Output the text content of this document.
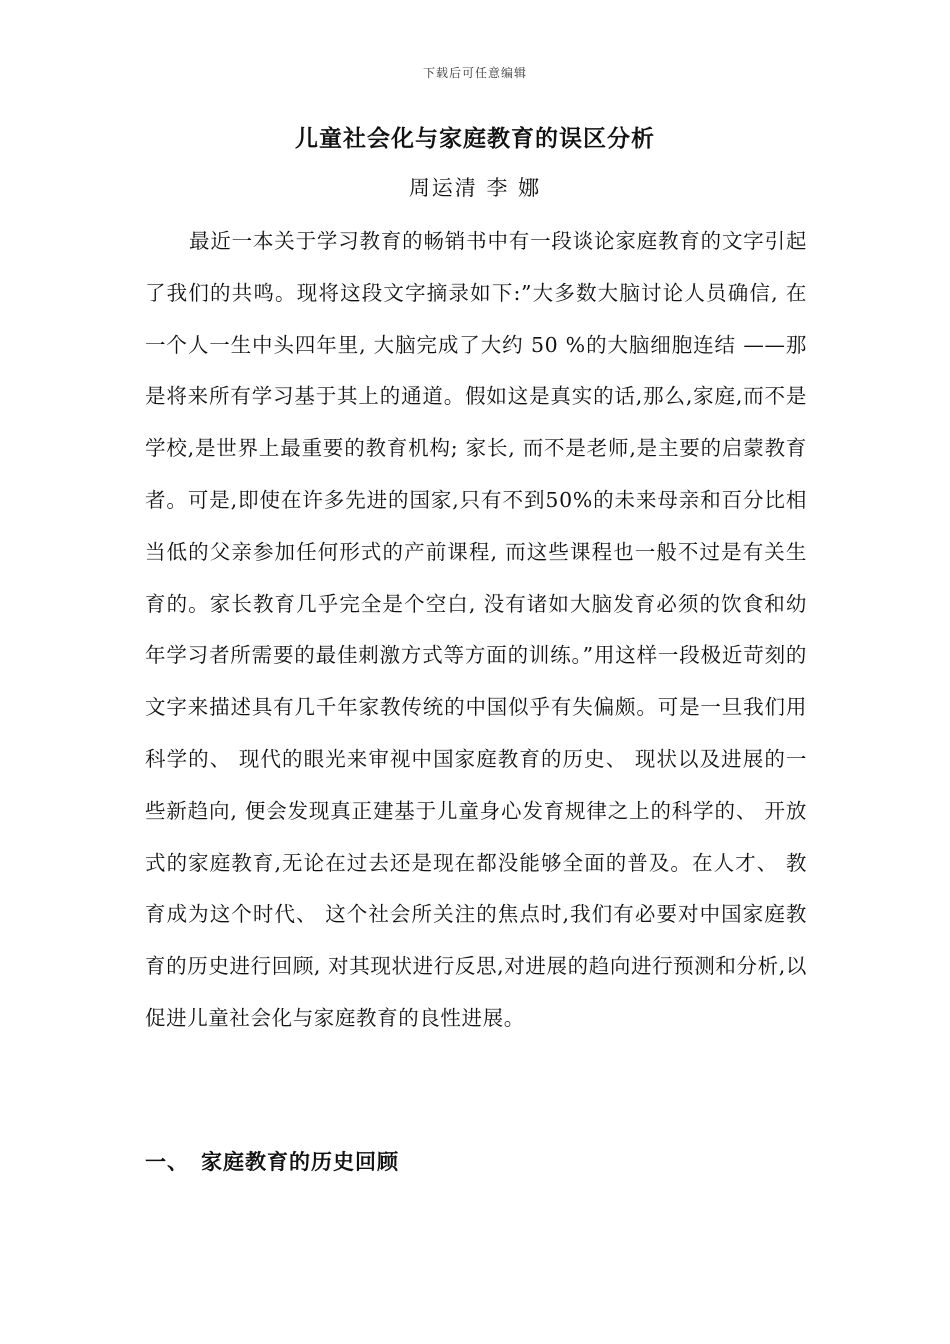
下载后可任意编辑
儿童社会化与家庭教育的误区分析
周运清 李 娜

最近一本关于学习教育的畅销书中有一段谈论家庭教育的文字引起了我们的共鸣。现将这段文字摘录如下:”大多数大脑讨论人员确信, 在一个人一生中头四年里, 大脑完成了大约 50 %的大脑细胞连结 ——那是将来所有学习基于其上的通道。假如这是真实的话,那么,家庭,而不是学校,是世界上最重要的教育机构; 家长, 而不是老师,是主要的启蒙教育者。可是,即使在许多先进的国家,只有不到50%的未来母亲和百分比相当低的父亲参加任何形式的产前课程, 而这些课程也一般不过是有关生育的。家长教育几乎完全是个空白, 没有诸如大脑发育必须的饮食和幼年学习者所需要的最佳刺激方式等方面的训练。”用这样一段极近苛刻的文字来描述具有几千年家教传统的中国似乎有失偏颇。可是一旦我们用科学的、 现代的眼光来审视中国家庭教育的历史、 现状以及进展的一些新趋向, 便会发现真正建基于儿童身心发育规律之上的科学的、 开放式的家庭教育,无论在过去还是现在都没能够全面的普及。在人才、 教育成为这个时代、 这个社会所关注的焦点时,我们有必要对中国家庭教育的历史进行回顾, 对其现状进行反思,对进展的趋向进行预测和分析,以促进儿童社会化与家庭教育的良性进展。

一、 家庭教育的历史回顾
